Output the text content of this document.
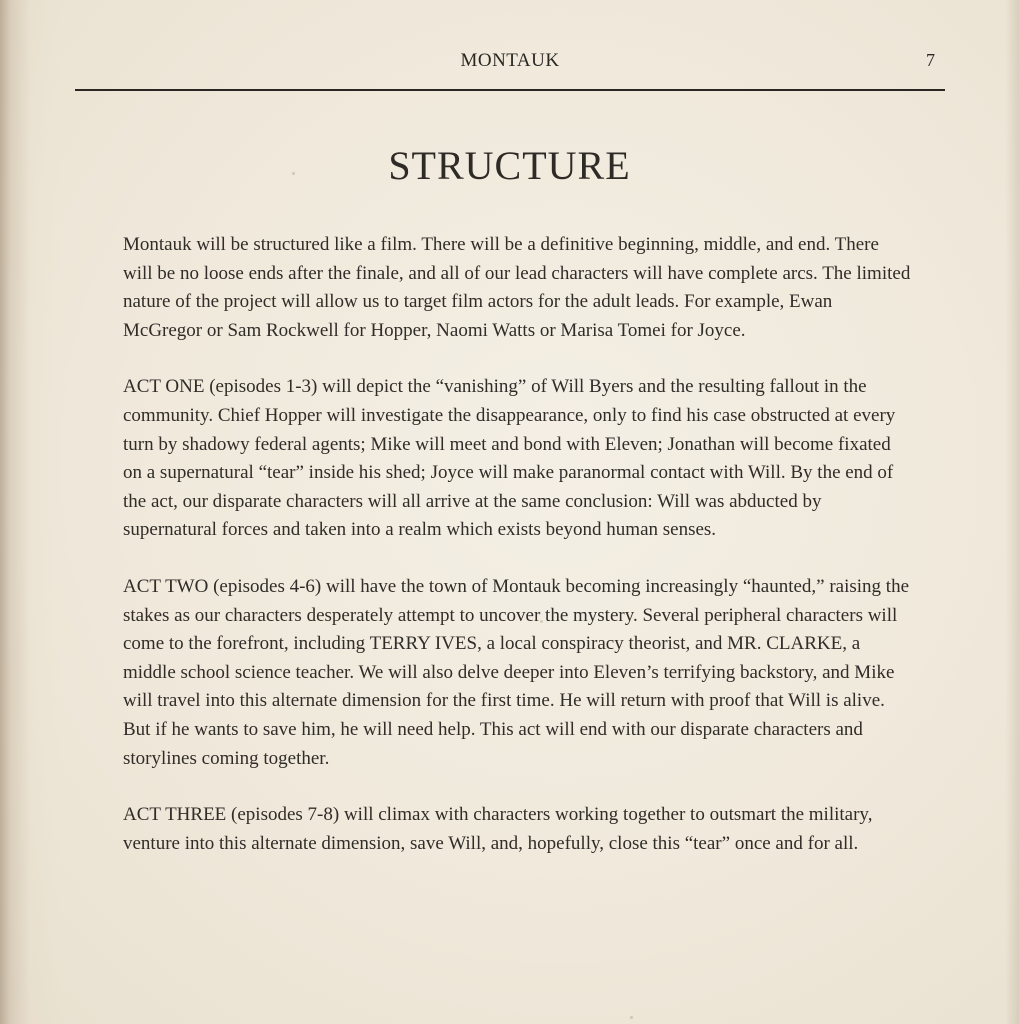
MONTAUK	7
STRUCTURE

Montauk will be structured like a film. There will be a definitive beginning, middle, and end. There will be no loose ends after the finale, and all of our lead characters will have complete arcs. The limited nature of the project will allow us to target film actors for the adult leads. For example, Ewan McGregor or Sam Rockwell for Hopper, Naomi Watts or Marisa Tomei for Joyce.

ACT ONE (episodes 1-3) will depict the “vanishing” of Will Byers and the resulting fallout in the community. Chief Hopper will investigate the disappearance, only to find his case obstructed at every turn by shadowy federal agents; Mike will meet and bond with Eleven; Jonathan will become fixated on a supernatural “tear” inside his shed; Joyce will make paranormal contact with Will. By the end of the act, our disparate characters will all arrive at the same conclusion: Will was abducted by supernatural forces and taken into a realm which exists beyond human senses.

ACT TWO (episodes 4-6) will have the town of Montauk becoming increasingly “haunted,” raising the stakes as our characters desperately attempt to uncover the mystery. Several peripheral characters will come to the forefront, including TERRY IVES, a local conspiracy theorist, and MR. CLARKE, a middle school science teacher. We will also delve deeper into Eleven’s terrifying backstory, and Mike will travel into this alternate dimension for the first time. He will return with proof that Will is alive. But if he wants to save him, he will need help. This act will end with our disparate characters and storylines coming together.

ACT THREE (episodes 7-8) will climax with characters working together to outsmart the military, venture into this alternate dimension, save Will, and, hopefully, close this “tear” once and for all.
